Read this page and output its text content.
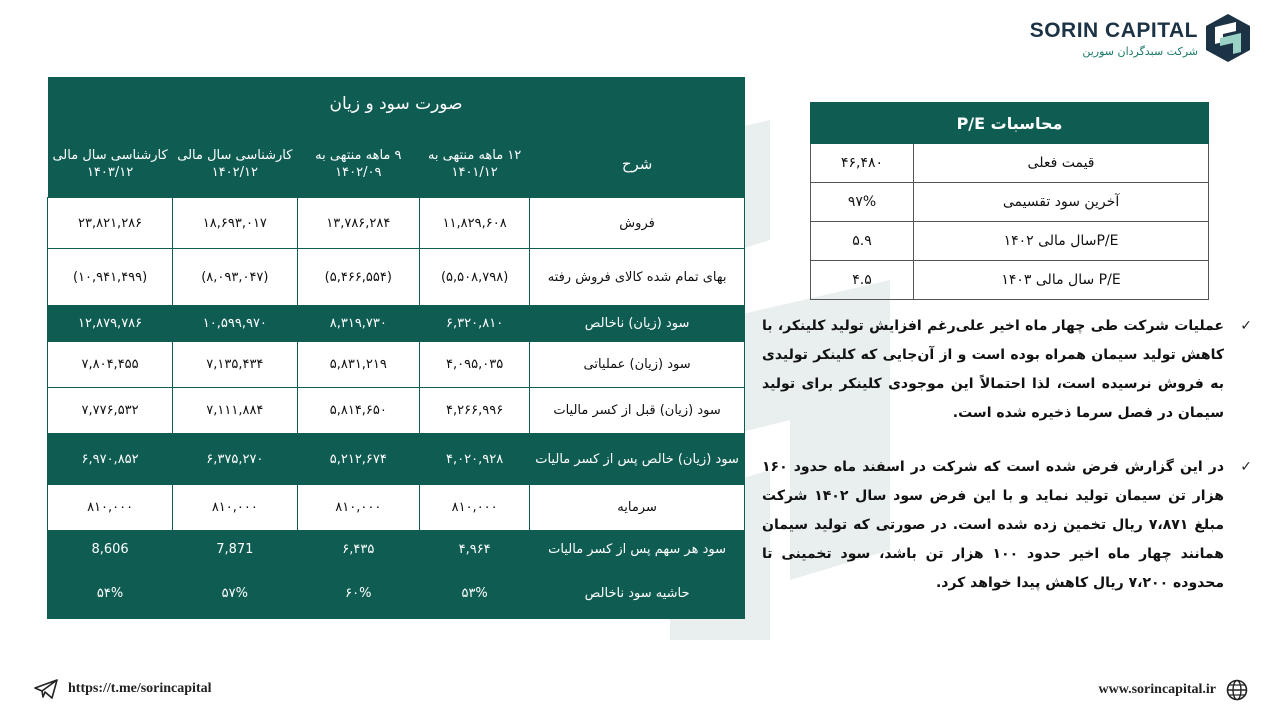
SORIN CAPITAL
شرکت سبدگردان سورین
صورت سود و زیان				
شرح	۱۲ ماهه منتهی به ۱۴۰۱/۱۲	۹ ماهه منتهی به ۱۴۰۲/۰۹	کارشناسی سال مالی ۱۴۰۲/۱۲	کارشناسی سال مالی ۱۴۰۳/۱۲
فروش	۱۱,۸۲۹,۶۰۸	۱۳,۷۸۶,۲۸۴	۱۸,۶۹۳,۰۱۷	۲۳,۸۲۱,۲۸۶
بهای تمام شده کالای فروش رفته	(۵,۵۰۸,۷۹۸)	(۵,۴۶۶,۵۵۴)	(۸,۰۹۳,۰۴۷)	(۱۰,۹۴۱,۴۹۹)
سود (زیان) ناخالص	۶,۳۲۰,۸۱۰	۸,۳۱۹,۷۳۰	۱۰,۵۹۹,۹۷۰	۱۲,۸۷۹,۷۸۶
سود (زیان) عملیاتی	۴,۰۹۵,۰۳۵	۵,۸۳۱,۲۱۹	۷,۱۳۵,۴۳۴	۷,۸۰۴,۴۵۵
سود (زیان) قبل از کسر مالیات	۴,۲۶۶,۹۹۶	۵,۸۱۴,۶۵۰	۷,۱۱۱,۸۸۴	۷,۷۷۶,۵۳۲
سود (زیان) خالص پس از کسر مالیات	۴,۰۲۰,۹۲۸	۵,۲۱۲,۶۷۴	۶,۳۷۵,۲۷۰	۶,۹۷۰,۸۵۲
سرمایه	۸۱۰,۰۰۰	۸۱۰,۰۰۰	۸۱۰,۰۰۰	۸۱۰,۰۰۰
سود هر سهم پس از کسر مالیات	۴,۹۶۴	۶,۴۳۵	7,871	8,606
حاشیه سود ناخالص	۵۳%	۶۰%	۵۷%	۵۴%
محاسبات P/E	
قیمت فعلی	۴۶,۴۸۰
آخرین سود تقسیمی	۹۷%
P/Eسال مالی ۱۴۰۲	۵.۹
P/E سال مالی ۱۴۰۳	۴.۵
✓
عملیات شرکت طی چهار ماه اخیر علی‌رغم افزایش تولید کلینکر، با کاهش تولید سیمان همراه بوده است و از آن‌جایی که کلینکر تولیدی به فروش نرسیده است، لذا احتمالاً این موجودی کلینکر برای تولید سیمان در فصل سرما ذخیره شده است.
✓
در این گزارش فرض شده است که شرکت در اسفند ماه حدود ۱۶۰ هزار تن سیمان تولید نماید و با این فرض سود سال ۱۴۰۲ شرکت مبلغ ۷،۸۷۱ ریال تخمین زده شده است. در صورتی که تولید سیمان همانند چهار ماه اخیر حدود ۱۰۰ هزار تن باشد، سود تخمینی تا محدوده ۷،۲۰۰ ریال کاهش پیدا خواهد کرد.
https://t.me/sorincapital	www.sorincapital.ir
